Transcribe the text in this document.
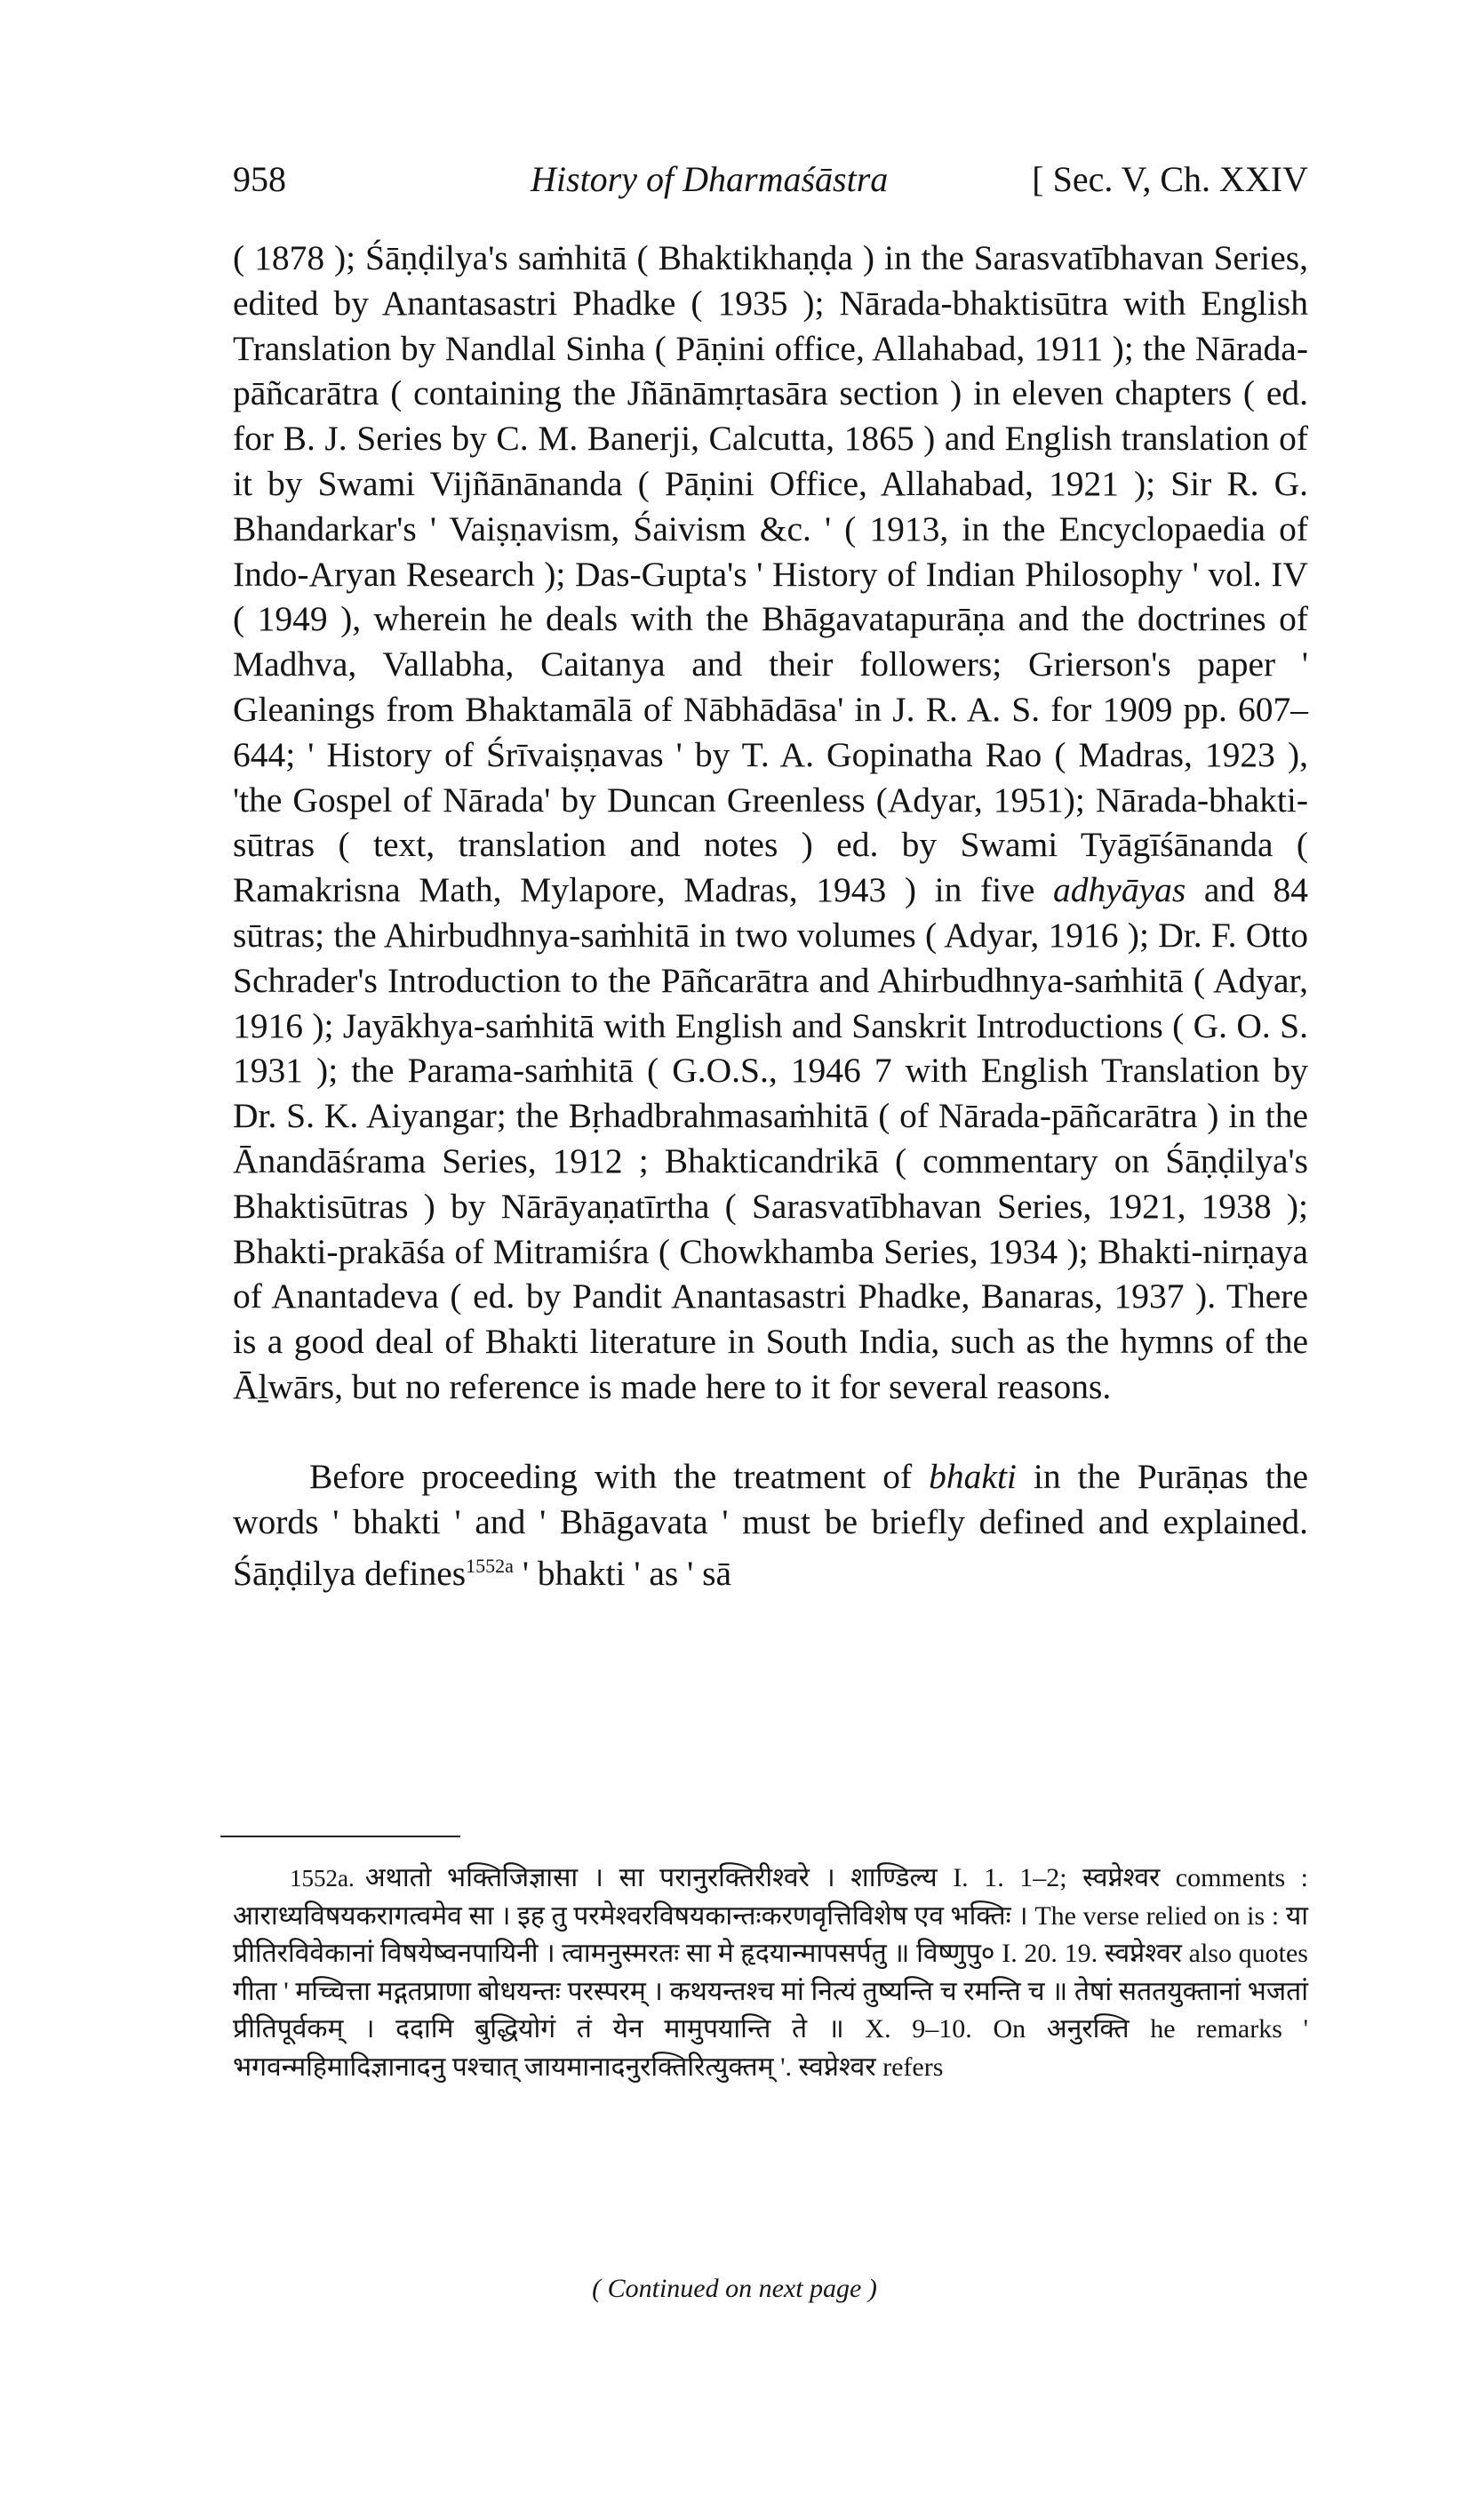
958	History of Dharmaśāstra	[ Sec. V, Ch. XXIV

( 1878 ); Śāṇḍilya's saṁhitā ( Bhaktikhaṇḍa ) in the Sarasvatībhavan Series, edited by Anantasastri Phadke ( 1935 ); Nārada-bhaktisūtra with English Translation by Nandlal Sinha ( Pāṇini office, Allahabad, 1911 ); the Nārada-pāñcarātra ( containing the Jñānāmṛtasāra section ) in eleven chapters ( ed. for B. J. Series by C. M. Banerji, Calcutta, 1865 ) and English translation of it by Swami Vijñānānanda ( Pāṇini Office, Allahabad, 1921 ); Sir R. G. Bhandarkar's ' Vaiṣṇavism, Śaivism &c. ' ( 1913, in the Encyclopaedia of Indo-Aryan Research ); Das-Gupta's ' History of Indian Philosophy ' vol. IV ( 1949 ), wherein he deals with the Bhāgavatapurāṇa and the doctrines of Madhva, Vallabha, Caitanya and their followers; Grierson's paper ' Gleanings from Bhaktamālā of Nābhādāsa' in J. R. A. S. for 1909 pp. 607–644; ' History of Śrīvaiṣṇavas ' by T. A. Gopinatha Rao ( Madras, 1923 ), 'the Gospel of Nārada' by Duncan Greenless (Adyar, 1951); Nārada-bhakti-sūtras ( text, translation and notes ) ed. by Swami Tyāgīśānanda ( Ramakrisna Math, Mylapore, Madras, 1943 ) in five adhyāyas and 84 sūtras; the Ahirbudhnya-saṁhitā in two volumes ( Adyar, 1916 ); Dr. F. Otto Schrader's Introduction to the Pāñcarātra and Ahirbudhnya-saṁhitā ( Adyar, 1916 ); Jayākhya-saṁhitā with English and Sanskrit Introductions ( G. O. S. 1931 ); the Parama-saṁhitā ( G.O.S., 1946 7 with English Translation by Dr. S. K. Aiyangar; the Bṛhadbrahmasaṁhitā ( of Nārada-pāñcarātra ) in the Ānandāśrama Series, 1912 ; Bhakticandrikā ( commentary on Śāṇḍilya's Bhaktisūtras ) by Nārāyaṇatīrtha ( Sarasvatībhavan Series, 1921, 1938 ); Bhakti-prakāśa of Mitramiśra ( Chowkhamba Series, 1934 ); Bhakti-nirṇaya of Anantadeva ( ed. by Pandit Anantasastri Phadke, Banaras, 1937 ). There is a good deal of Bhakti literature in South India, such as the hymns of the Āḻwārs, but no reference is made here to it for several reasons.

Before proceeding with the treatment of bhakti in the Purāṇas the words ' bhakti ' and ' Bhāgavata ' must be briefly defined and explained. Śāṇḍilya defines$^{1552a}$ ' bhakti ' as ' sā

1552a. अथातो भक्तिजिज्ञासा । सा परानुरक्तिरीश्वरे । शाण्डिल्य I. 1. 1–2; स्वप्नेश्वर comments : आराध्यविषयकरागत्वमेव सा । इह तु परमेश्वरविषयकान्तःकरणवृत्तिविशेष एव भक्तिः । The verse relied on is : या प्रीतिरविवेकानां विषयेष्वनपायिनी । त्वामनुस्मरतः सा मे हृदयान्मापसर्पतु ॥ विष्णुपु० I. 20. 19. स्वप्नेश्वर also quotes गीता ' मच्चित्ता मद्गतप्राणा बोधयन्तः परस्परम् । कथयन्तश्च मां नित्यं तुष्यन्ति च रमन्ति च ॥ तेषां सततयुक्तानां भजतां प्रीतिपूर्वकम् । ददामि बुद्धियोगं तं येन मामुपयान्ति ते ॥ X. 9–10. On अनुरक्ति he remarks ' भगवन्महिमादिज्ञानादनु पश्चात् जायमानादनुरक्तिरित्युक्तम् '. स्वप्नेश्वर refers

( Continued on next page )
